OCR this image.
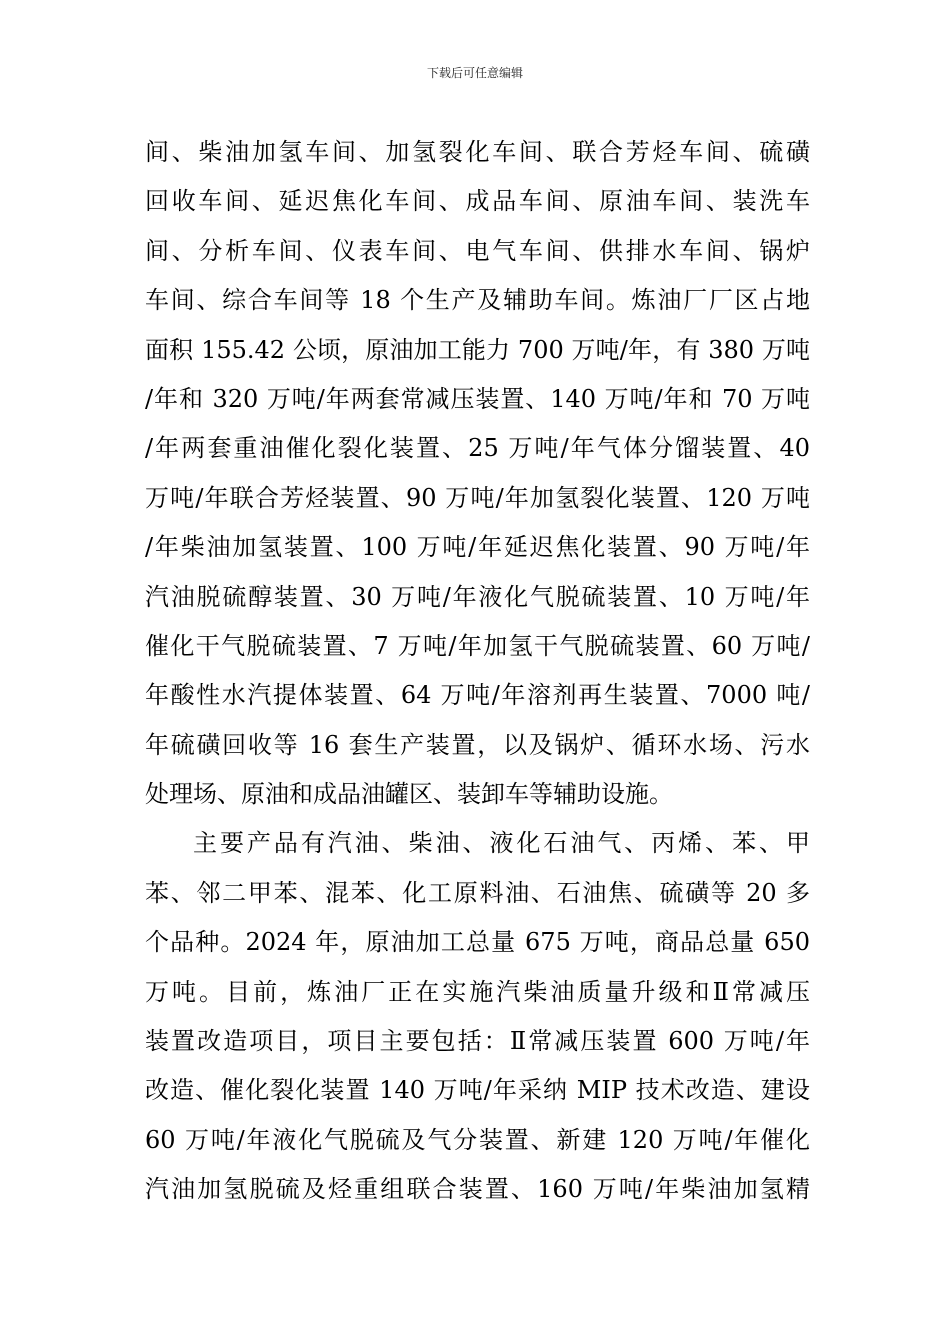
下载后可任意编辑
间、柴油加氢车间、加氢裂化车间、联合芳烃车间、硫磺
回收车间、延迟焦化车间、成品车间、原油车间、装洗车
间、分析车间、仪表车间、电气车间、供排水车间、锅炉
车间、综合车间等 18 个生产及辅助车间。炼油厂厂区占地
面积 155.42 公顷，原油加工能力 700 万吨/年，有 380 万吨
/年和 320 万吨/年两套常减压装置、140 万吨/年和 70 万吨
/年两套重油催化裂化装置、25 万吨/年气体分馏装置、40
万吨/年联合芳烃装置、90 万吨/年加氢裂化装置、120 万吨
/年柴油加氢装置、100 万吨/年延迟焦化装置、90 万吨/年
汽油脱硫醇装置、30 万吨/年液化气脱硫装置、10 万吨/年
催化干气脱硫装置、7 万吨/年加氢干气脱硫装置、60 万吨/
年酸性水汽提体装置、64 万吨/年溶剂再生装置、7000 吨/
年硫磺回收等 16 套生产装置，以及锅炉、循环水场、污水
处理场、原油和成品油罐区、装卸车等辅助设施。
主要产品有汽油、柴油、液化石油气、丙烯、苯、甲
苯、邻二甲苯、混苯、化工原料油、石油焦、硫磺等 20 多
个品种。2024 年，原油加工总量 675 万吨，商品总量 650
万吨。目前，炼油厂正在实施汽柴油质量升级和Ⅱ常减压
装置改造项目，项目主要包括：Ⅱ常减压装置 600 万吨/年
改造、催化裂化装置 140 万吨/年采纳 MIP 技术改造、建设
60 万吨/年液化气脱硫及气分装置、新建 120 万吨/年催化
汽油加氢脱硫及烃重组联合装置、160 万吨/年柴油加氢精
